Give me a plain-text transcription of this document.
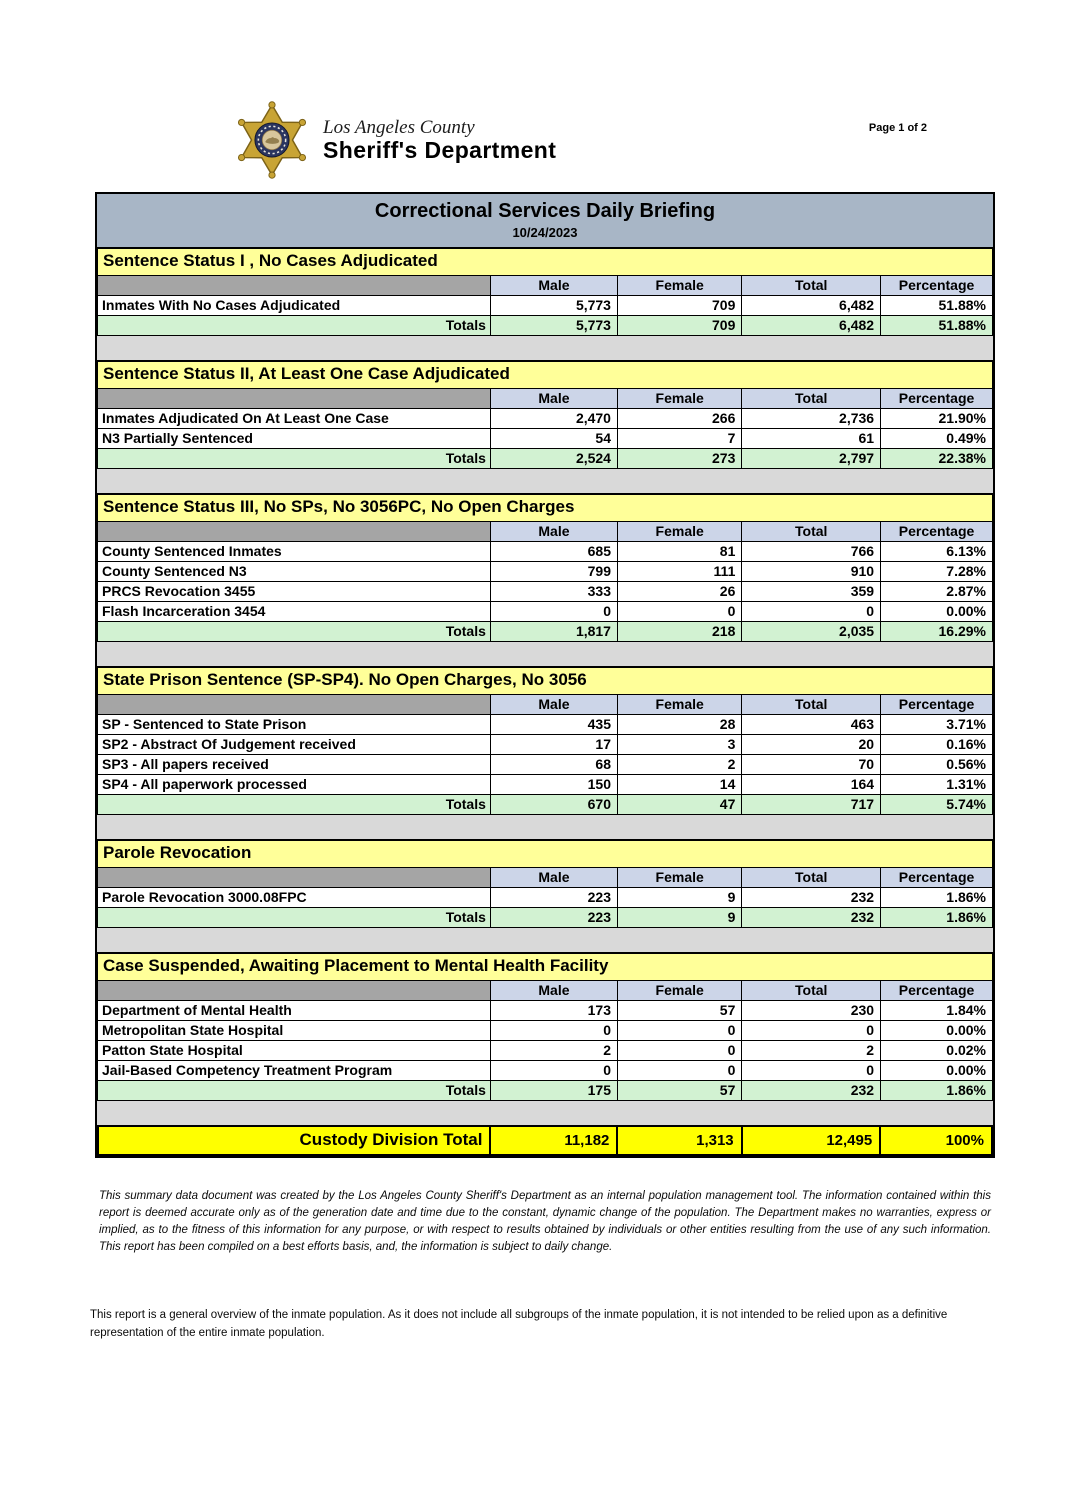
Los Angeles County
Sheriff's Department
Page 1 of 2
Correctional Services Daily Briefing
10/24/2023
Sentence Status I , No Cases Adjudicated				
	Male	Female	Total	Percentage
Inmates With No Cases Adjudicated	5,773	709	6,482	51.88%
Totals	5,773	709	6,482	51.88%
Sentence Status II, At Least One Case Adjudicated				
	Male	Female	Total	Percentage
Inmates Adjudicated On At Least One Case	2,470	266	2,736	21.90%
N3 Partially Sentenced	54	7	61	0.49%
Totals	2,524	273	2,797	22.38%
Sentence Status III, No SPs, No 3056PC, No Open Charges				
	Male	Female	Total	Percentage
County Sentenced Inmates	685	81	766	6.13%
County Sentenced N3	799	111	910	7.28%
PRCS Revocation 3455	333	26	359	2.87%
Flash Incarceration 3454	0	0	0	0.00%
Totals	1,817	218	2,035	16.29%
State Prison Sentence (SP-SP4). No Open Charges, No 3056				
	Male	Female	Total	Percentage
SP - Sentenced to State Prison	435	28	463	3.71%
SP2 - Abstract Of Judgement received	17	3	20	0.16%
SP3 - All papers received	68	2	70	0.56%
SP4 - All paperwork processed	150	14	164	1.31%
Totals	670	47	717	5.74%
Parole Revocation				
	Male	Female	Total	Percentage
Parole Revocation 3000.08FPC	223	9	232	1.86%
Totals	223	9	232	1.86%
Case Suspended, Awaiting Placement to Mental Health Facility				
	Male	Female	Total	Percentage
Department of Mental Health	173	57	230	1.84%
Metropolitan State Hospital	0	0	0	0.00%
Patton State Hospital	2	0	2	0.02%
Jail-Based Competency Treatment Program	0	0	0	0.00%
Totals	175	57	232	1.86%
Custody Division Total	11,182	1,313	12,495	100%

This summary data document was created by the Los Angeles County Sheriff's Department as an internal population management tool. The information contained within this report is deemed accurate only as of the generation date and time due to the constant, dynamic change of the population. The Department makes no warranties, express or implied, as to the fitness of this information for any purpose, or with respect to results obtained by individuals or other entities resulting from the use of any such information. This report has been compiled on a best efforts basis, and, the information is subject to daily change.

This report is a general overview of the inmate population. As it does not include all subgroups of the inmate population, it is not intended to be relied upon as a definitive representation of the entire inmate population.
